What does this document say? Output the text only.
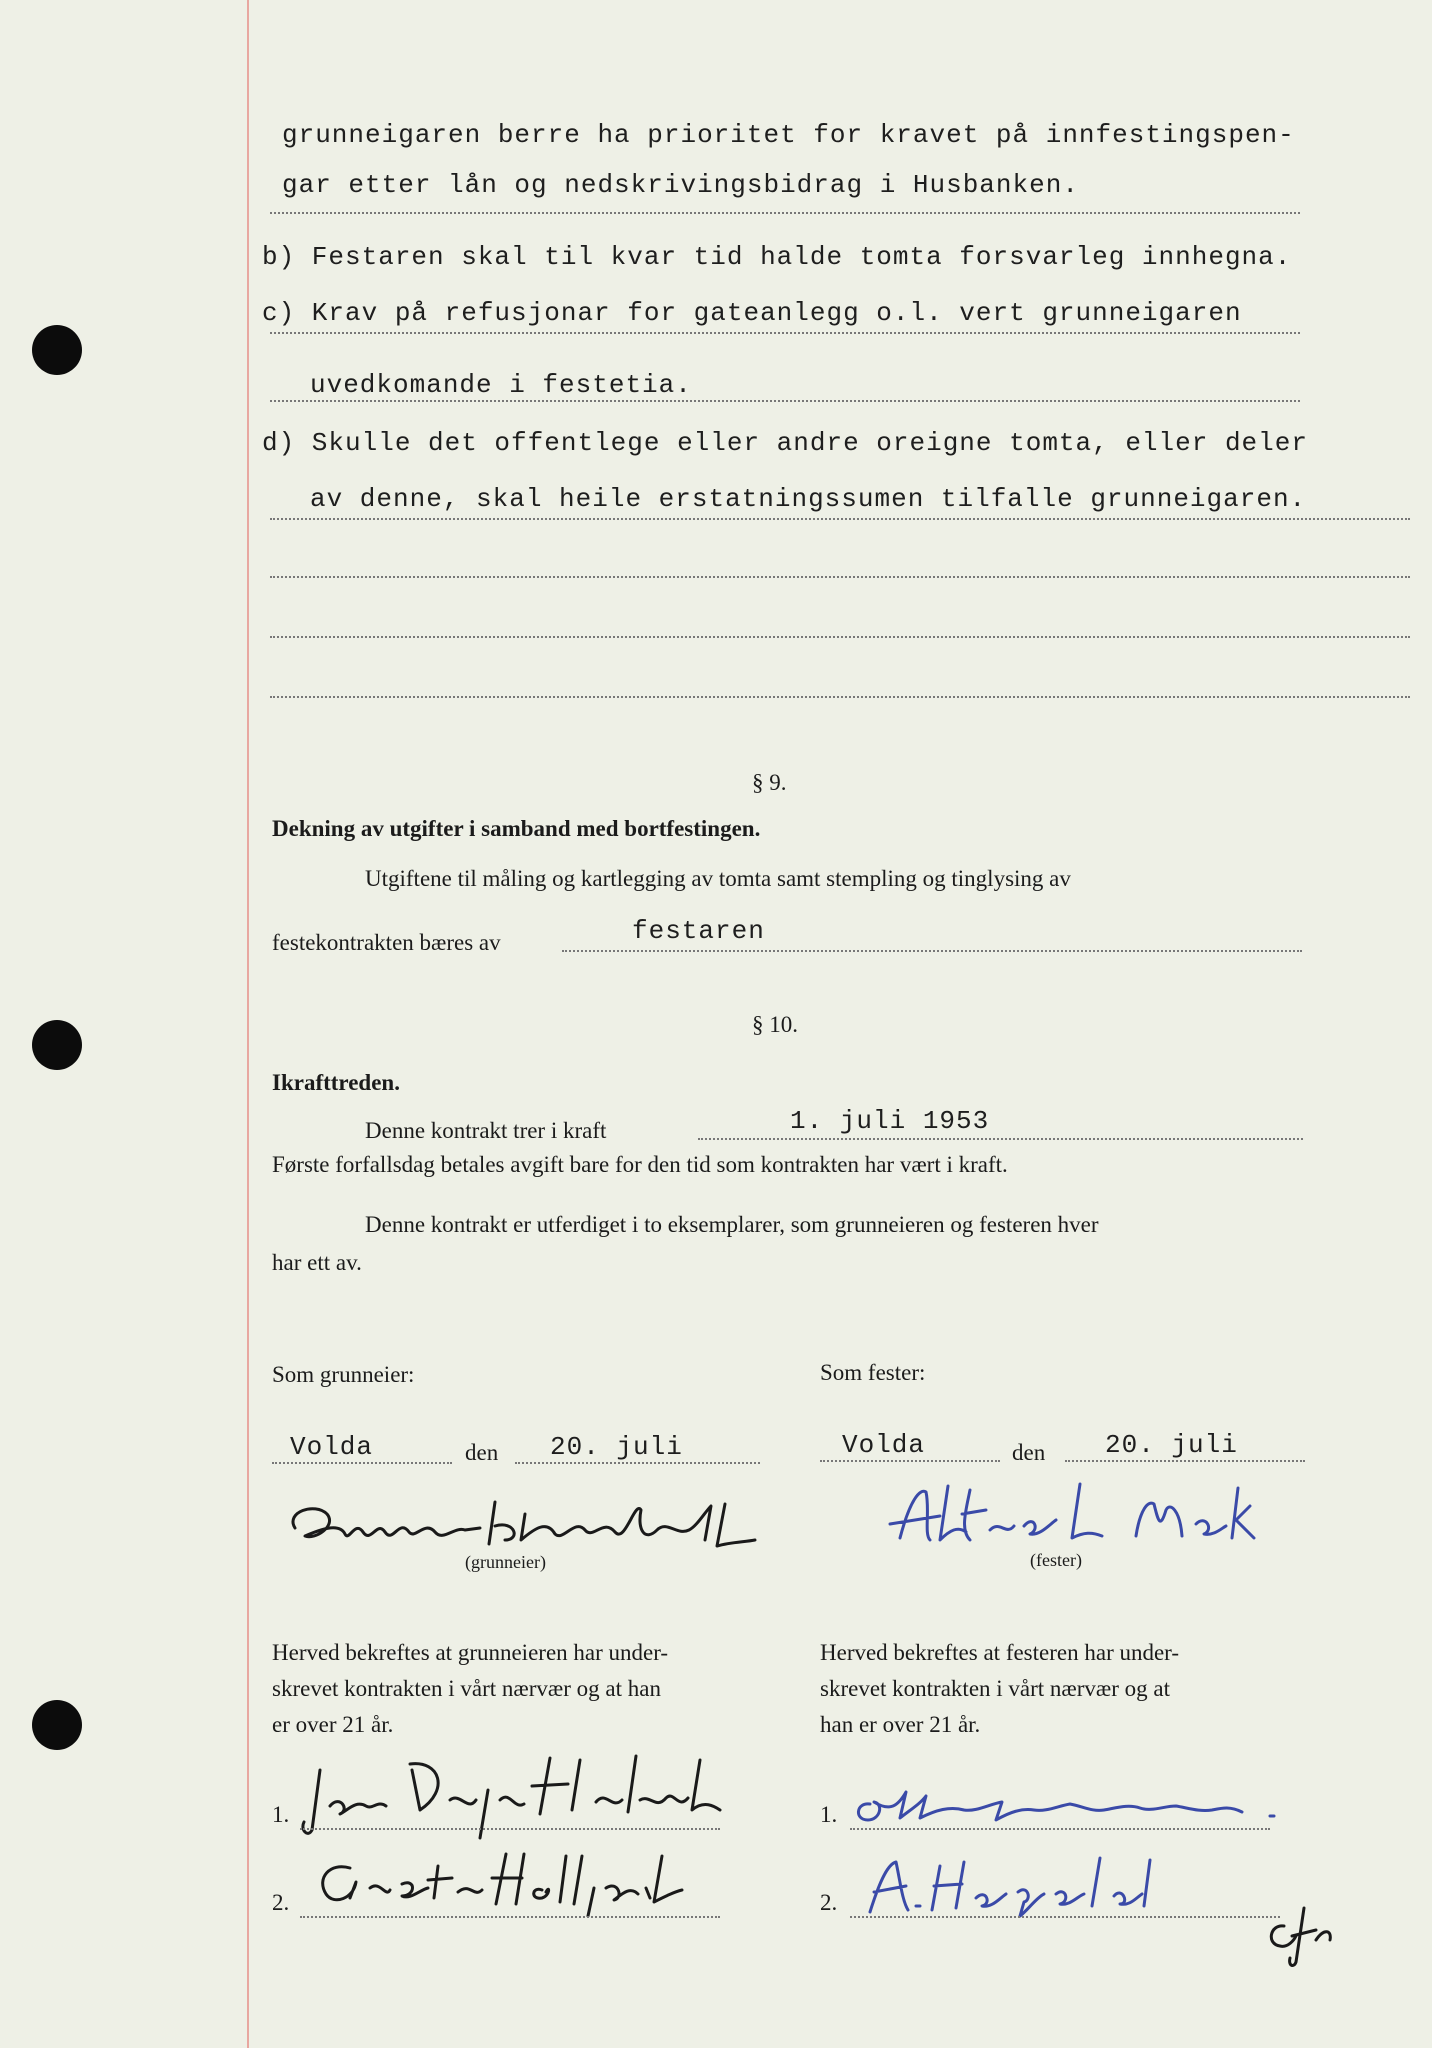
grunneigaren berre ha prioritet for kravet på innfestingspen-
gar etter lån og nedskrivingsbidrag i Husbanken.
b) Festaren skal til kvar tid halde tomta forsvarleg innhegna.
c) Krav på refusjonar for gateanlegg o.l. vert grunneigaren
uvedkomande i festetia.
d) Skulle det offentlege eller andre oreigne tomta, eller deler
av denne, skal heile erstatningssumen tilfalle grunneigaren.
§ 9.
Dekning av utgifter i samband med bortfestingen.
Utgiftene til måling og kartlegging av tomta samt stempling og tinglysing av
festekontrakten bæres av	festaren
§ 10.
Ikrafttreden.
Denne kontrakt trer i kraft	1. juli 1953
Første forfallsdag betales avgift bare for den tid som kontrakten har vært i kraft.
Denne kontrakt er utferdiget i to eksemplarer, som grunneieren og festeren hver
har ett av.
Som grunneier:
Volda	den 20. juli
(grunneier)
Herved bekreftes at grunneieren har under-
skrevet kontrakten i vårt nærvær og at han
er over 21 år.
1.
2.
Som fester:
Volda	den 20. juli
(fester)
Herved bekreftes at festeren har under-
skrevet kontrakten i vårt nærvær og at
han er over 21 år.
1.
2.
